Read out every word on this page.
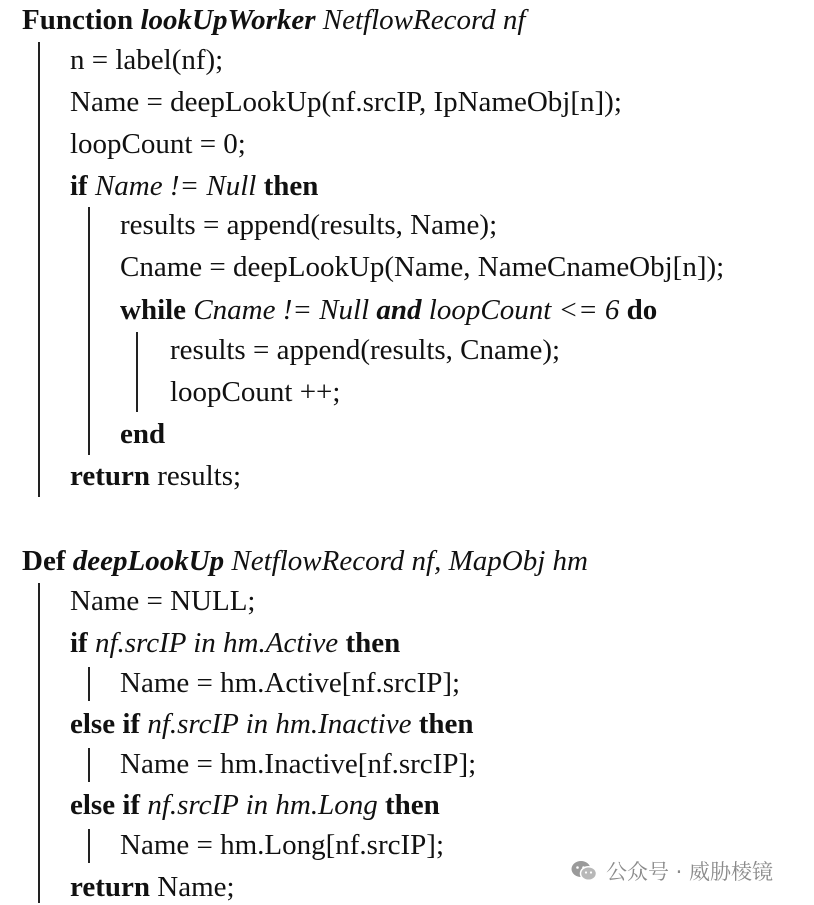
Function lookUpWorker NetflowRecord nf
n = label(nf);
Name = deepLookUp(nf.srcIP, IpNameObj[n]);
loopCount = 0;
if Name != Null then
results = append(results, Name);
Cname = deepLookUp(Name, NameCnameObj[n]);
while Cname != Null and loopCount <= 6 do
results = append(results, Cname);
loopCount ++;
end
return results;
Def deepLookUp NetflowRecord nf, MapObj hm
Name = NULL;
if nf.srcIP in hm.Active then
Name = hm.Active[nf.srcIP];
else if nf.srcIP in hm.Inactive then
Name = hm.Inactive[nf.srcIP];
else if nf.srcIP in hm.Long then
Name = hm.Long[nf.srcIP];
return Name;	公众号 · 威胁棱镜
